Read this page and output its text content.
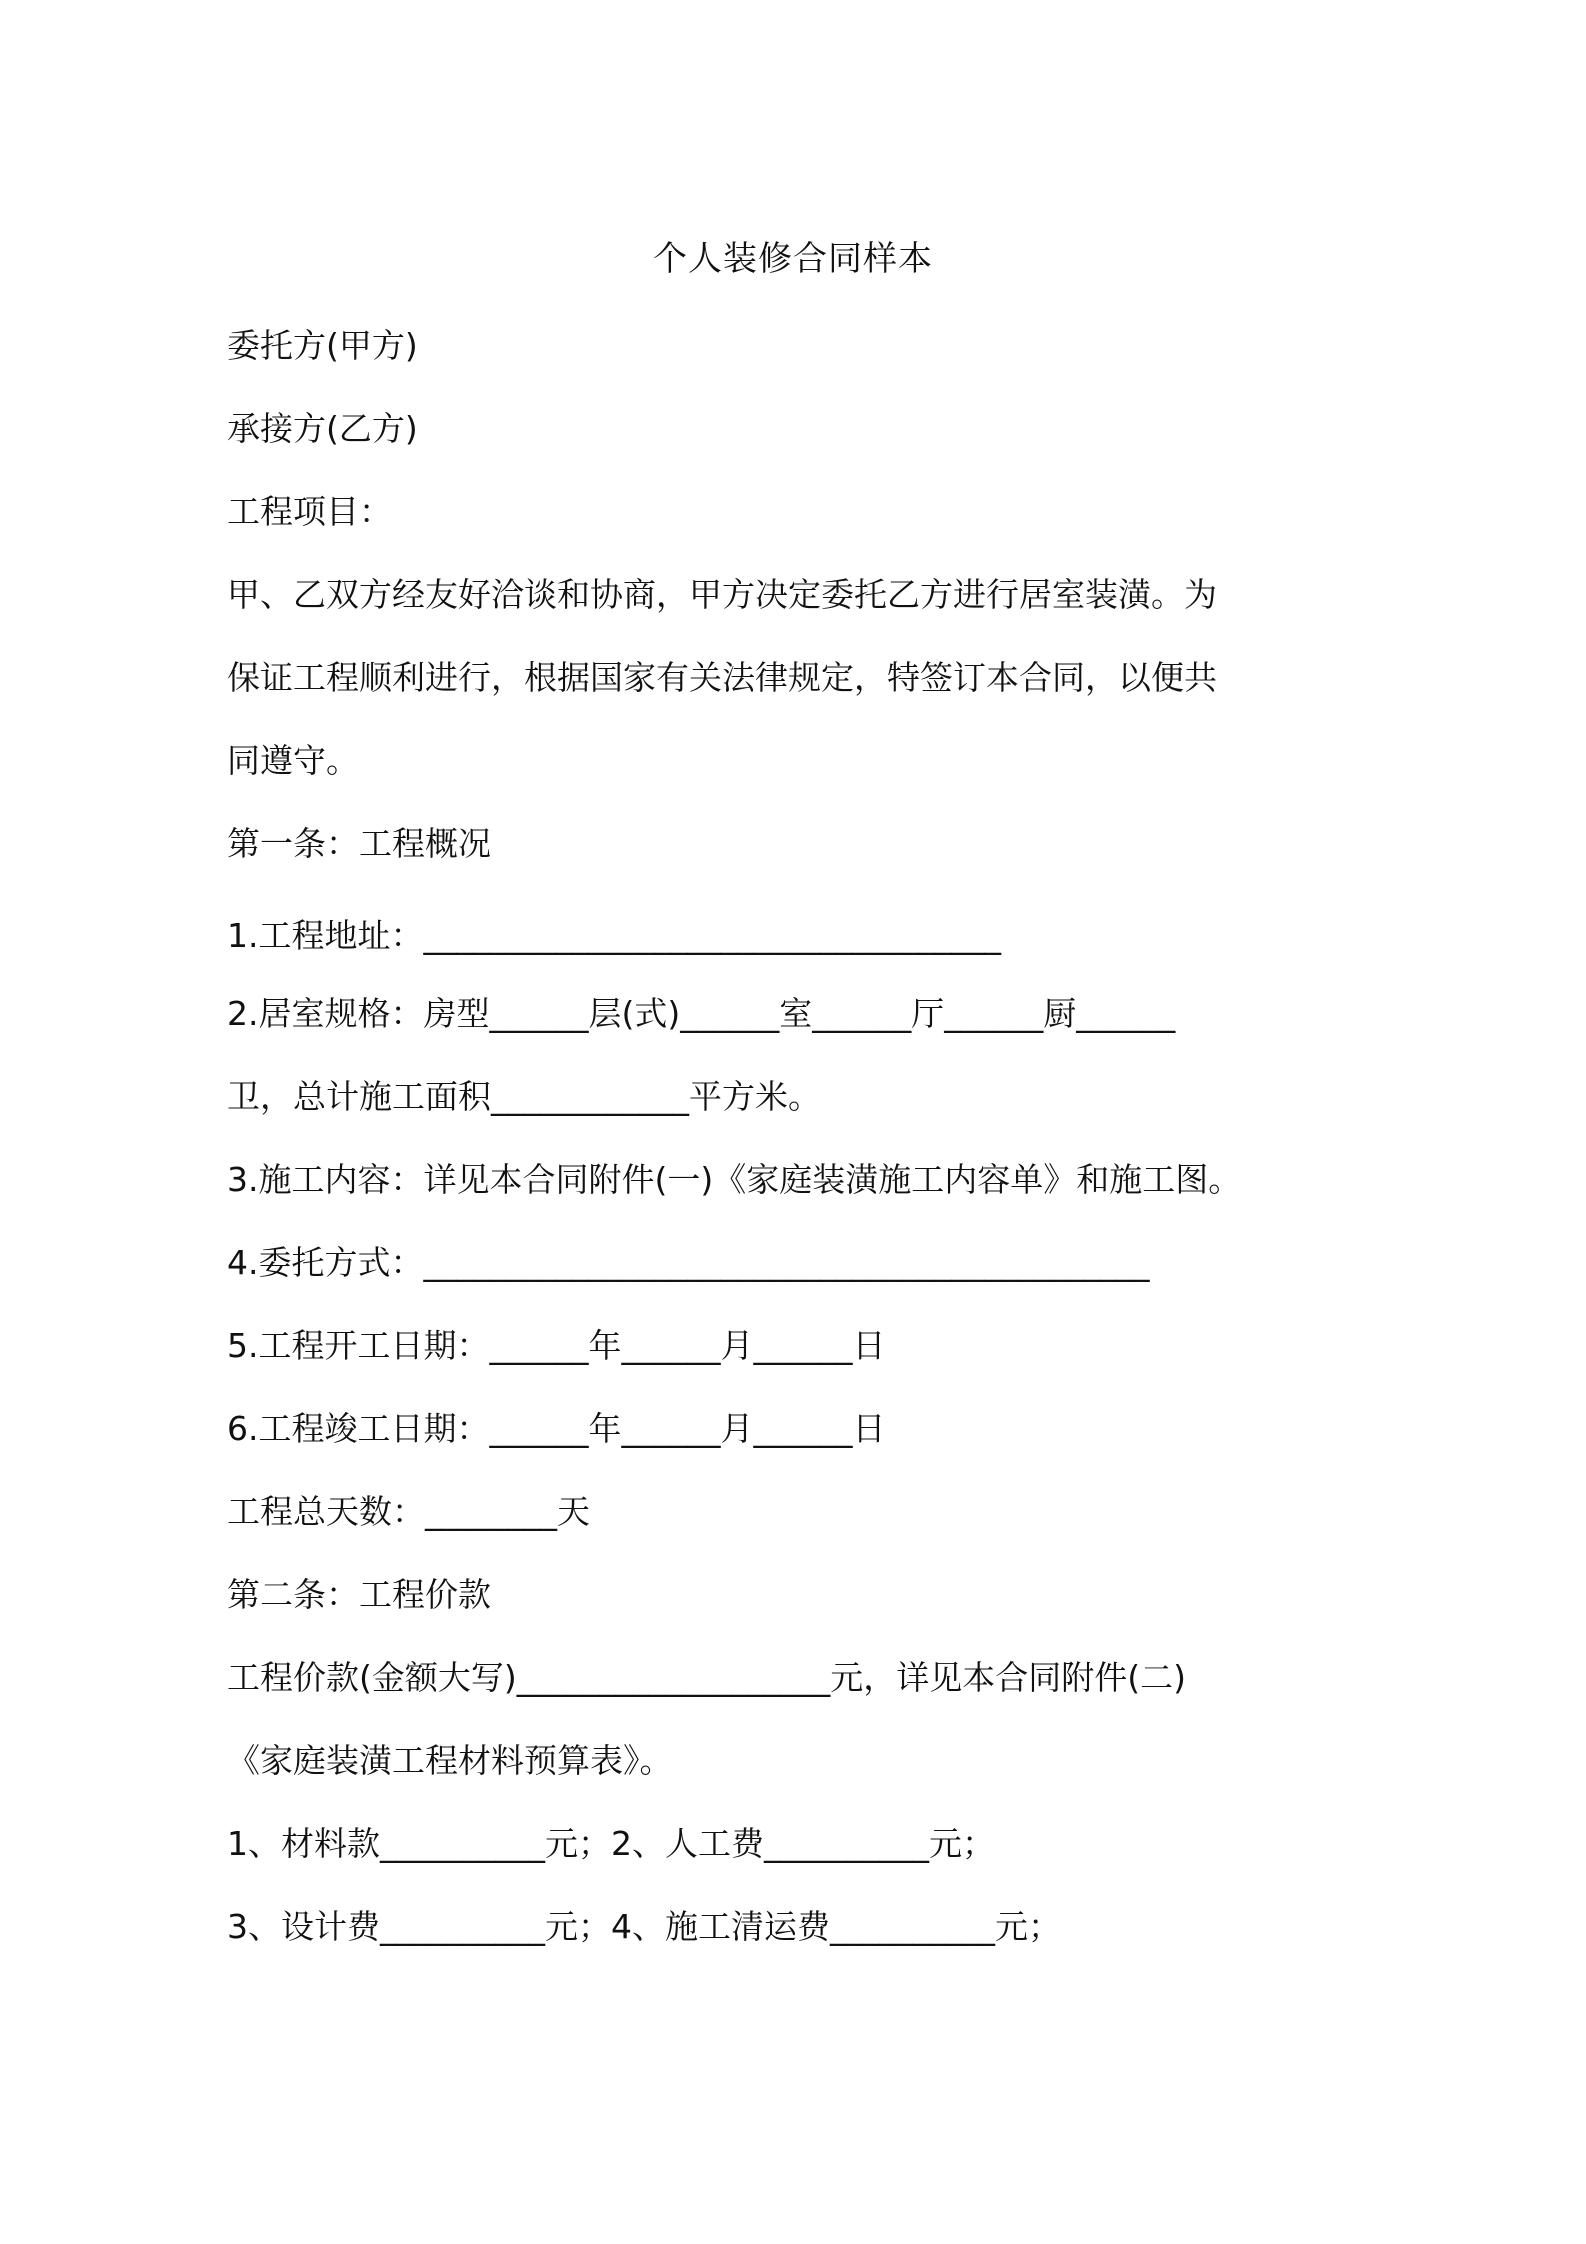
个人装修合同样本
委托方(甲方)
承接方(乙方)
工程项目：
甲、乙双方经友好洽谈和协商，甲方决定委托乙方进行居室装潢。为
保证工程顺利进行，根据国家有关法律规定，特签订本合同，以便共
同遵守。
第一条：工程概况
1.工程地址：___________________________________
2.居室规格：房型______层(式)______室______厅______厨______
卫，总计施工面积____________平方米。
3.施工内容：详见本合同附件(一)《家庭装潢施工内容单》和施工图。
4.委托方式：____________________________________________
5.工程开工日期：______年______月______日
6.工程竣工日期：______年______月______日
工程总天数：________天
第二条：工程价款
工程价款(金额大写)___________________元，详见本合同附件(二)
《家庭装潢工程材料预算表》。
1、材料款__________元；2、人工费__________元；
3、设计费__________元；4、施工清运费__________元；
